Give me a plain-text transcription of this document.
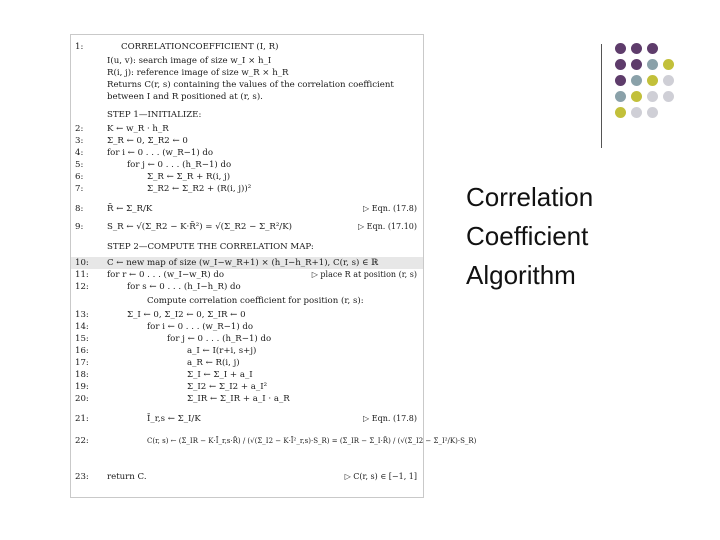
1:	CORRELATIONCOEFFICIENT (I, R)
I(u, v): search image of size w_I × h_I
R(i, j): reference image of size w_R × h_R
Returns C(r, s) containing the values of the correlation coefficient
between I and R positioned at (r, s).
STEP 1—INITIALIZE:
2:	K ← w_R · h_R
3:	Σ_R ← 0, Σ_R2 ← 0
4:	for i ← 0 . . . (w_R−1) do
5:	for j ← 0 . . . (h_R−1) do
6:	Σ_R ← Σ_R + R(i, j)
7:	Σ_R2 ← Σ_R2 + (R(i, j))²
8:	R̄ ← Σ_R/K	▷ Eqn. (17.8)
9:	S_R ← √(Σ_R2 − K·R̄²) = √(Σ_R2 − Σ_R²/K)	▷ Eqn. (17.10)
STEP 2—COMPUTE THE CORRELATION MAP:
10:	C ← new map of size (w_I−w_R+1) × (h_I−h_R+1), C(r, s) ∈ ℝ
11:	for r ← 0 . . . (w_I−w_R) do	▷ place R at position (r, s)
12:	for s ← 0 . . . (h_I−h_R) do
Compute correlation coefficient for position (r, s):
13:	Σ_I ← 0, Σ_I2 ← 0, Σ_IR ← 0
14:	for i ← 0 . . . (w_R−1) do
15:	for j ← 0 . . . (h_R−1) do
16:	a_I ← I(r+i, s+j)
17:	a_R ← R(i, j)
18:	Σ_I ← Σ_I + a_I
19:	Σ_I2 ← Σ_I2 + a_I²
20:	Σ_IR ← Σ_IR + a_I · a_R
21:	Ī_r,s ← Σ_I/K	▷ Eqn. (17.8)
22:	C(r, s) ← (Σ_IR − K·Ī_r,s·R̄) / (√(Σ_I2 − K·Ī²_r,s)·S_R) = (Σ_IR − Σ_I·R̄) / (√(Σ_I2 − Σ_I²/K)·S_R)
23:	return C.	▷ C(r, s) ∈ [−1, 1]
Correlation
Coefficient
Algorithm
